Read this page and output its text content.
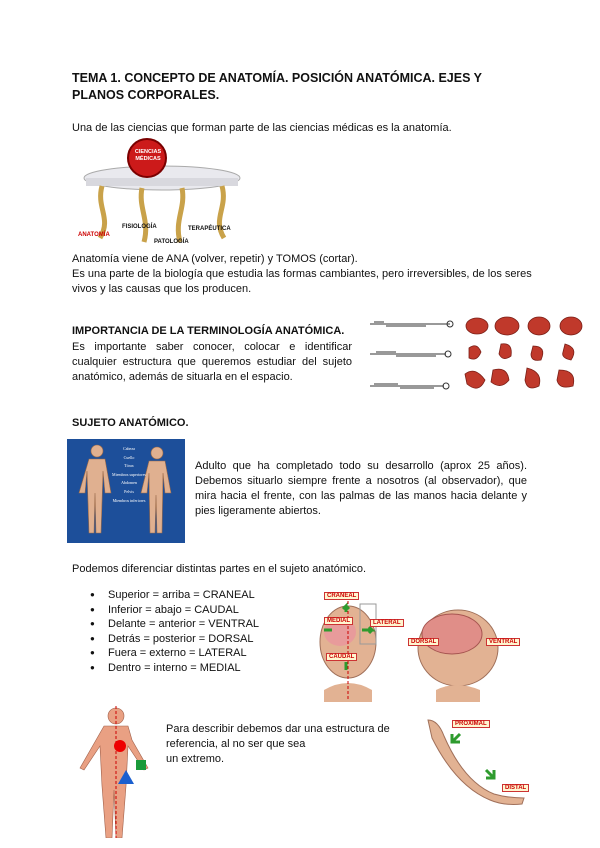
TEMA 1. CONCEPTO DE ANATOMÍA. POSICIÓN ANATÓMICA. EJES Y PLANOS CORPORALES.
Una de las ciencias que forman parte de las ciencias médicas es la anatomía.
CIENCIAS
MÉDICAS
ANATOMÍA
FISIOLOGÍA
PATOLOGÍA
TERAPÉUTICA
Anatomía viene de ANA (volver, repetir) y TOMOS (cortar).
Es una parte de la biología que estudia las formas cambiantes, pero irreversibles, de los seres vivos y las causas que los producen.
IMPORTANCIA DE LA TERMINOLOGÍA ANATÓMICA.
Es importante saber conocer, colocar e identificar cualquier estructura que queremos estudiar del sujeto anatómico, además de situarla en el espacio.
SUJETO ANATÓMICO.
Cabeza
Cuello
Tórax
Miembros superiores
Abdomen
Pelvis
Miembros inferiores
Adulto que ha completado todo su desarrollo (aprox 25 años). Debemos situarlo siempre frente a nosotros (al observador), que mira hacia el frente, con las palmas de las manos hacia delante y pies ligeramente abiertos.
Podemos diferenciar distintas partes en el sujeto anatómico.
● Superior = arriba = CRANEAL
● Inferior = abajo = CAUDAL
● Delante = anterior = VENTRAL
● Detrás = posterior = DORSAL
● Fuera = externo = LATERAL
● Dentro = interno = MEDIAL
CRANEAL
MEDIAL	LATERAL
CAUDAL
DORSAL	VENTRAL
Para describir debemos dar una estructura de
referencia, al no ser que sea
un extremo.
PROXIMAL
DISTAL
